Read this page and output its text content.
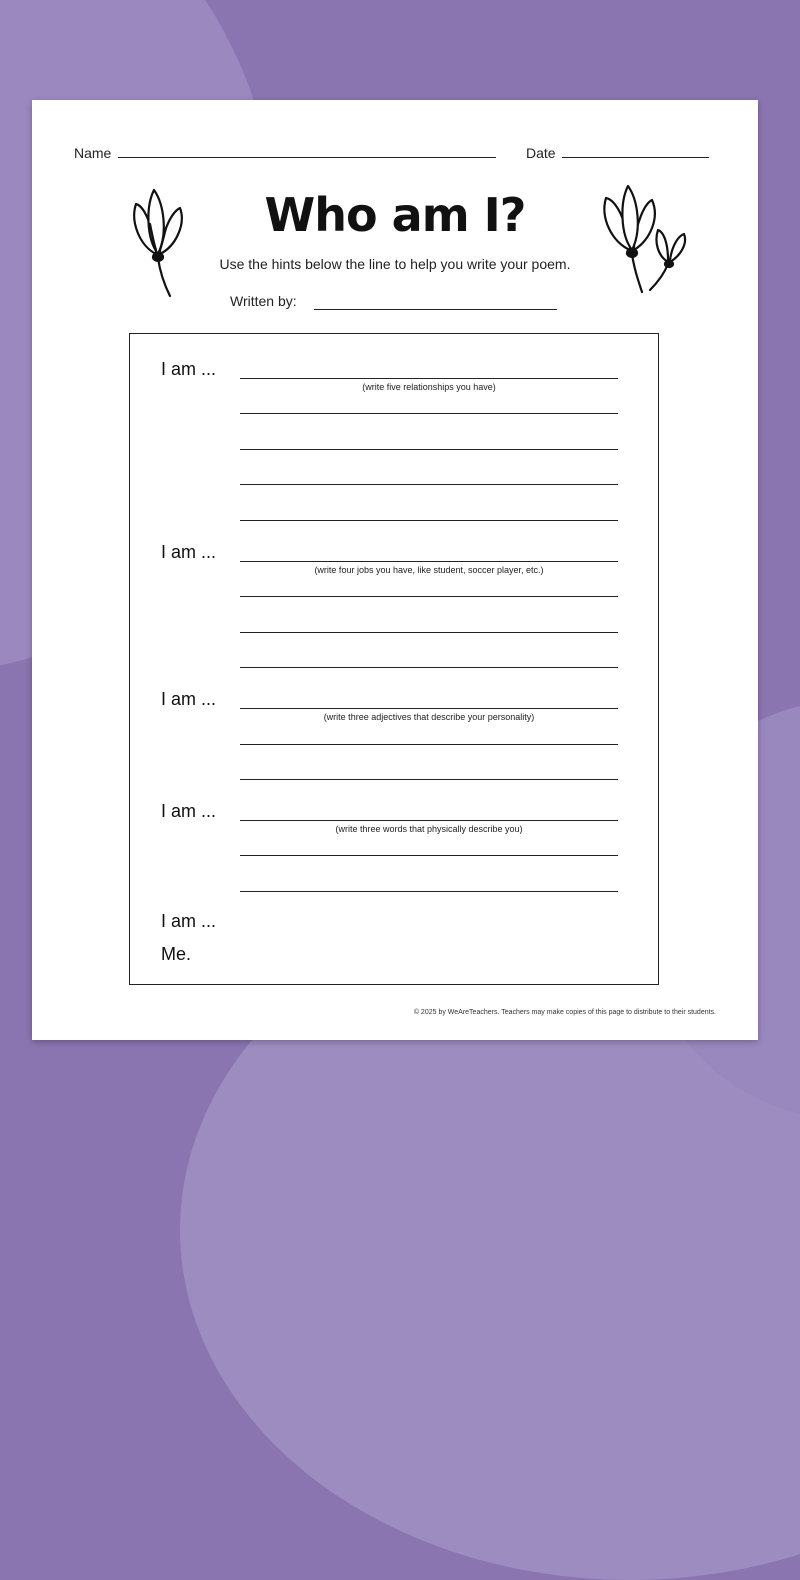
Name	Date
Who am I?
Use the hints below the line to help you write your poem.
Written by:
I am ...
(write five relationships you have)
I am ...
(write four jobs you have, like student, soccer player, etc.)
I am ...
(write three adjectives that describe your personality)
I am ...
(write three words that physically describe you)
I am ...
Me.
© 2025 by WeAreTeachers. Teachers may make copies of this page to distribute to their students.
